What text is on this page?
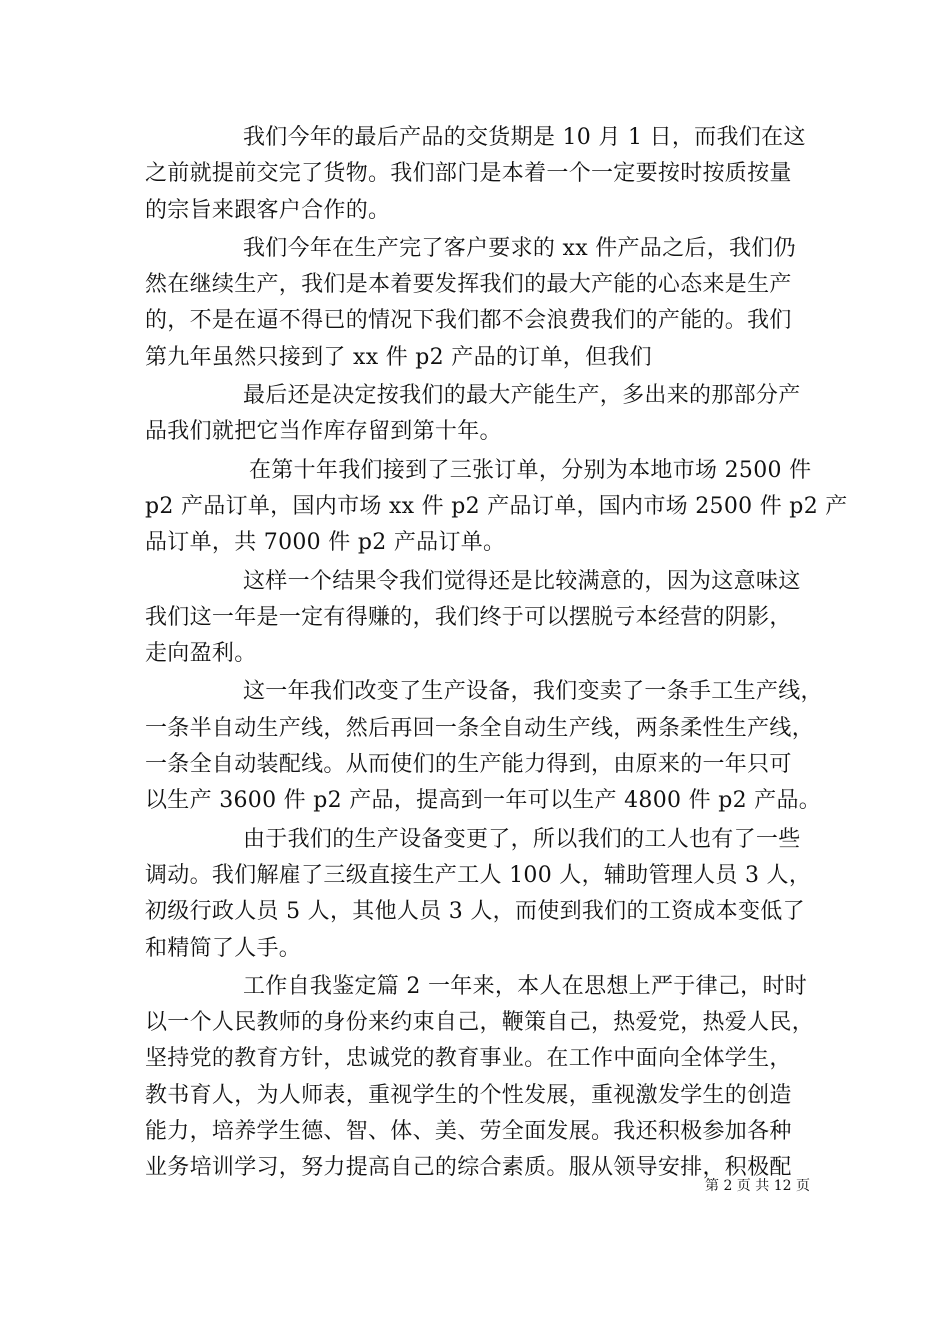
我们今年的最后产品的交货期是 10 月 1 日，而我们在这
之前就提前交完了货物。我们部门是本着一个一定要按时按质按量
的宗旨来跟客户合作的。
我们今年在生产完了客户要求的 xx 件产品之后，我们仍
然在继续生产，我们是本着要发挥我们的最大产能的心态来是生产
的，不是在逼不得已的情况下我们都不会浪费我们的产能的。我们
第九年虽然只接到了 xx 件 p2 产品的订单，但我们
最后还是决定按我们的最大产能生产，多出来的那部分产
品我们就把它当作库存留到第十年。
在第十年我们接到了三张订单，分别为本地市场 2500 件
p2 产品订单，国内市场 xx 件 p2 产品订单，国内市场 2500 件 p2 产
品订单，共 7000 件 p2 产品订单。
这样一个结果令我们觉得还是比较满意的，因为这意味这
我们这一年是一定有得赚的，我们终于可以摆脱亏本经营的阴影，
走向盈利。
这一年我们改变了生产设备，我们变卖了一条手工生产线，
一条半自动生产线，然后再回一条全自动生产线，两条柔性生产线，
一条全自动装配线。从而使们的生产能力得到，由原来的一年只可
以生产 3600 件 p2 产品，提高到一年可以生产 4800 件 p2 产品。
由于我们的生产设备变更了，所以我们的工人也有了一些
调动。我们解雇了三级直接生产工人 100 人，辅助管理人员 3 人，
初级行政人员 5 人，其他人员 3 人，而使到我们的工资成本变低了
和精简了人手。
工作自我鉴定篇 2 一年来，本人在思想上严于律己，时时
以一个人民教师的身份来约束自己，鞭策自己，热爱党，热爱人民，
坚持党的教育方针，忠诚党的教育事业。在工作中面向全体学生，
教书育人，为人师表，重视学生的个性发展，重视激发学生的创造
能力，培养学生德、智、体、美、劳全面发展。我还积极参加各种
业务培训学习，努力提高自己的综合素质。服从领导安排，积极配
第 2 页 共 12 页
